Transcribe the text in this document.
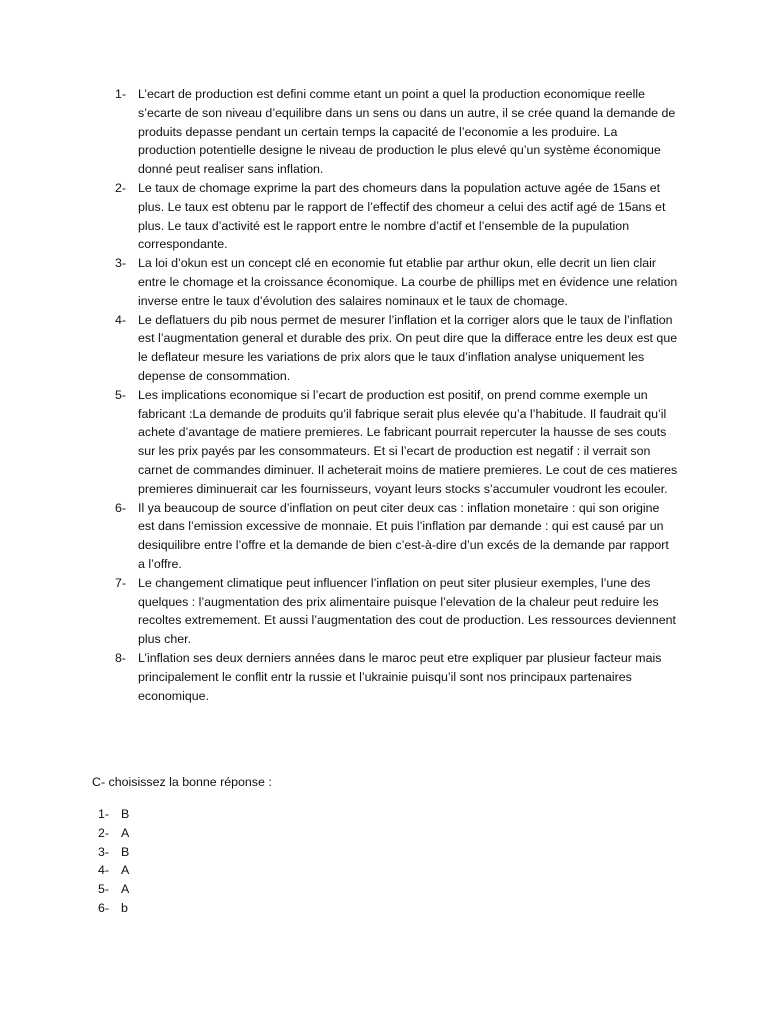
1- L’ecart de production est defini comme etant un point a quel la production economique reelle s’ecarte de son niveau d’equilibre dans un sens ou dans un autre, il se crée quand la demande de produits depasse pendant un certain temps la capacité de l’economie a les produire. La production potentielle designe le niveau de production le plus elevé qu’un système économique donné peut realiser sans inflation.
2- Le taux de chomage exprime la part des chomeurs dans la population actuve agée de 15ans et plus. Le taux est obtenu par le rapport de l’effectif des chomeur a celui des actif agé de 15ans et plus. Le taux d’activité est le rapport entre le nombre d’actif et l’ensemble de la pupulation correspondante.
3- La loi d’okun est un concept clé en economie fut etablie par arthur okun, elle decrit un lien clair entre le chomage et la croissance économique. La courbe de phillips met en évidence une relation inverse entre le taux d’évolution des salaires nominaux et le taux de chomage.
4- Le deflatuers du pib nous permet de mesurer l’inflation et la corriger alors que le taux de l’inflation est l’augmentation general et durable des prix. On peut dire que la differace entre les deux est que le deflateur mesure les variations de prix alors que le taux d’inflation analyse uniquement les depense de consommation.
5- Les implications economique si l’ecart de production est positif, on prend comme exemple un fabricant :La demande de produits qu’il fabrique serait plus elevée qu’a l’habitude. Il faudrait qu’il achete d’avantage de matiere premieres. Le fabricant pourrait repercuter la hausse de ses couts sur les prix payés par les consommateurs. Et si l’ecart de production est negatif : il verrait son carnet de commandes diminuer. Il acheterait moins de matiere premieres. Le cout de ces matieres premieres diminuerait car les fournisseurs, voyant leurs stocks s’accumuler voudront les ecouler.
6- Il ya beaucoup de source d’inflation on peut citer deux cas : inflation monetaire : qui son origine est dans l’emission excessive de monnaie. Et puis l’inflation par demande : qui est causé par un desiquilibre entre l’offre et la demande de bien c’est-à-dire d’un excés de la demande par rapport a l’offre.
7- Le changement climatique peut influencer l’inflation on peut siter plusieur exemples, l’une des quelques : l’augmentation des prix alimentaire puisque l’elevation de la chaleur peut reduire les recoltes extremement. Et aussi l’augmentation des cout de production. Les ressources deviennent plus cher.
8- L’inflation ses deux derniers années dans le maroc peut etre expliquer par plusieur facteur mais principalement le conflit entr la russie et l’ukrainie puisqu’il sont nos principaux partenaires economique.
C- choisissez la bonne réponse :
1- B
2- A
3- B
4- A
5- A
6- b
